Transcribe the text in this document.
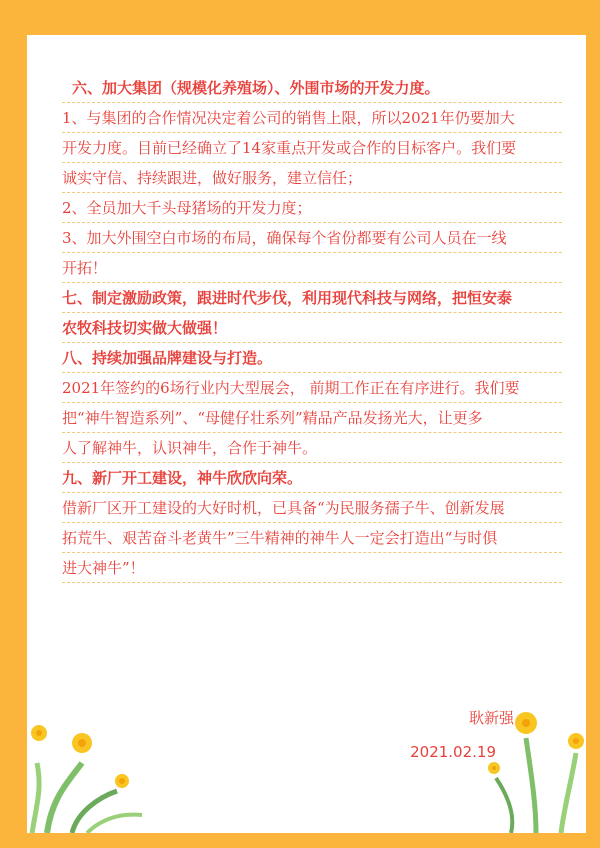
六、加大集团（规模化养殖场）、外围市场的开发力度。
1、与集团的合作情况决定着公司的销售上限，所以2021年仍要加大
开发力度。目前已经确立了14家重点开发或合作的目标客户。我们要
诚实守信、持续跟进，做好服务，建立信任；
2、全员加大千头母猪场的开发力度；
3、加大外围空白市场的布局，确保每个省份都要有公司人员在一线
开拓！
七、制定激励政策，跟进时代步伐，利用现代科技与网络，把恒安泰
农牧科技切实做大做强！
八、持续加强品牌建设与打造。
2021年签约的6场行业内大型展会， 前期工作正在有序进行。我们要
把“神牛智造系列”、“母健仔壮系列”精品产品发扬光大，让更多
人了解神牛，认识神牛，合作于神牛。
九、新厂开工建设，神牛欣欣向荣。
借新厂区开工建设的大好时机，已具备“为民服务孺子牛、创新发展
拓荒牛、艰苦奋斗老黄牛”三牛精神的神牛人一定会打造出“与时俱
进大神牛”！
耿新强
2021.02.19
